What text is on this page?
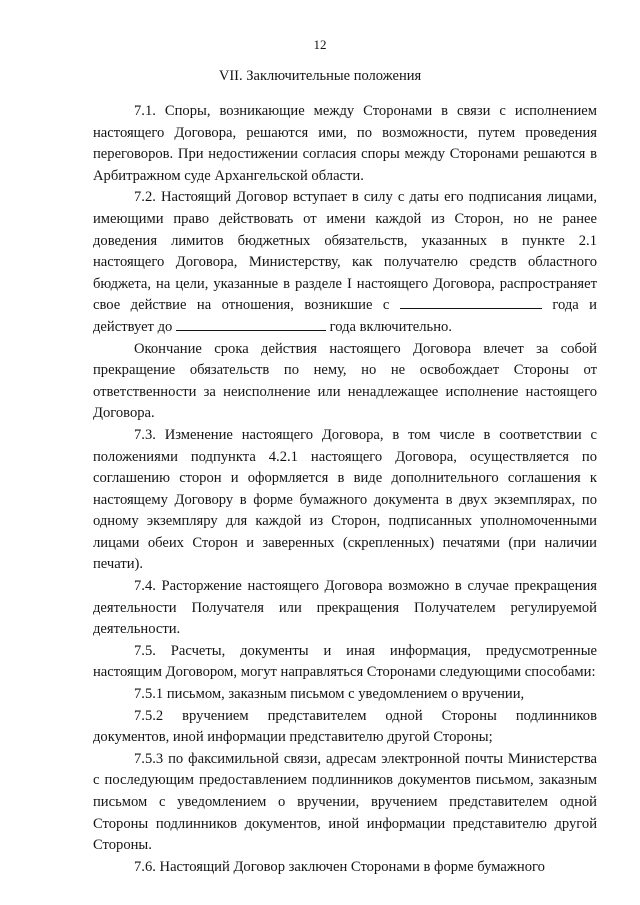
12
VII. Заключительные положения

7.1. Споры, возникающие между Сторонами в связи с исполнением настоящего Договора, решаются ими, по возможности, путем проведения переговоров. При недостижении согласия споры между Сторонами решаются в Арбитражном суде Архангельской области.

7.2. Настоящий Договор вступает в силу с даты его подписания лицами, имеющими право действовать от имени каждой из Сторон, но не ранее доведения лимитов бюджетных обязательств, указанных в пункте 2.1 настоящего Договора, Министерству, как получателю средств областного бюджета, на цели, указанные в разделе I настоящего Договора, распространяет свое действие на отношения, возникшие с	года и действует до	года включительно.

Окончание срока действия настоящего Договора влечет за собой прекращение обязательств по нему, но не освобождает Стороны от ответственности за неисполнение или ненадлежащее исполнение настоящего Договора.

7.3. Изменение настоящего Договора, в том числе в соответствии с положениями подпункта 4.2.1 настоящего Договора, осуществляется по соглашению сторон и оформляется в виде дополнительного соглашения к настоящему Договору в форме бумажного документа в двух экземплярах, по одному экземпляру для каждой из Сторон, подписанных уполномоченными лицами обеих Сторон и заверенных (скрепленных) печатями (при наличии печати).

7.4. Расторжение настоящего Договора возможно в случае прекращения деятельности Получателя или прекращения Получателем регулируемой деятельности.

7.5. Расчеты, документы и иная информация, предусмотренные настоящим Договором, могут направляться Сторонами следующими способами:

7.5.1 письмом, заказным письмом с уведомлением о вручении,

7.5.2 вручением представителем одной Стороны подлинников документов, иной информации представителю другой Стороны;

7.5.3 по факсимильной связи, адресам электронной почты Министерства с последующим предоставлением подлинников документов письмом, заказным письмом с уведомлением о вручении, вручением представителем одной Стороны подлинников документов, иной информации представителю другой Стороны.

7.6. Настоящий Договор заключен Сторонами в форме бумажного
